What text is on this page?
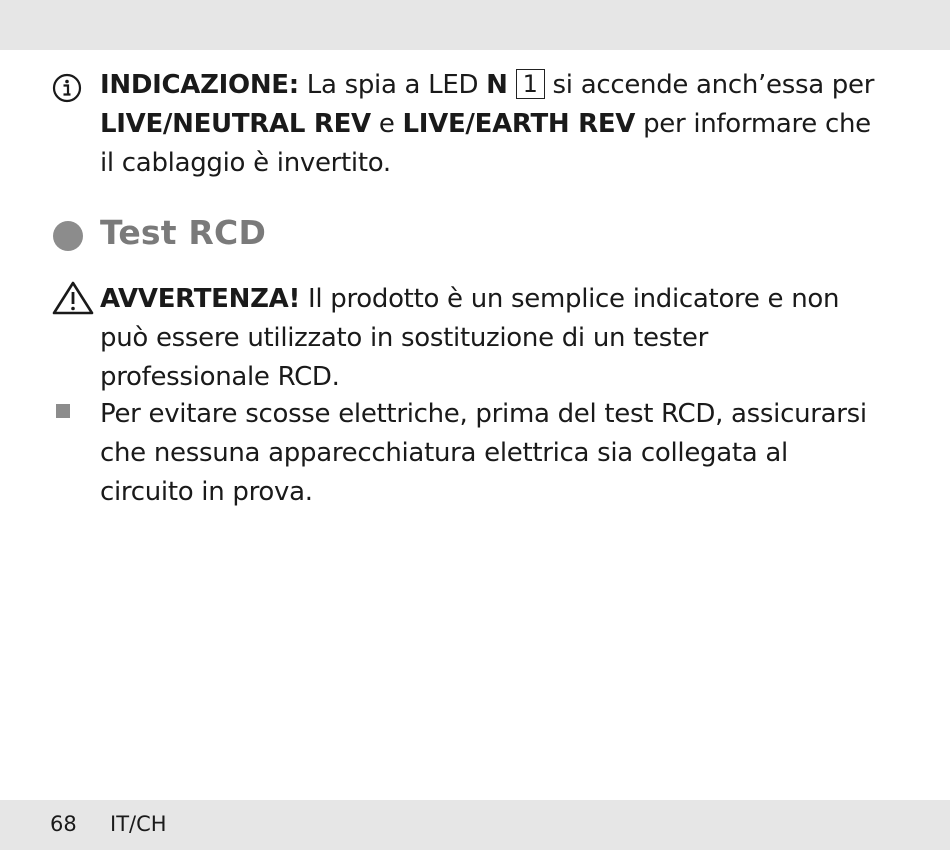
INDICAZIONE: La spia a LED N 1 si accende anch’essa per LIVE/NEUTRAL REV e LIVE/EARTH REV per informare che il cablaggio è invertito.
Test RCD
AVVERTENZA! Il prodotto è un semplice indicatore e non può essere utilizzato in sostituzione di un tester professionale RCD.
Per evitare scosse elettriche, prima del test RCD, assicurarsi che nessuna apparecchiatura elettrica sia collegata al circuito in prova.
68 IT/CH
